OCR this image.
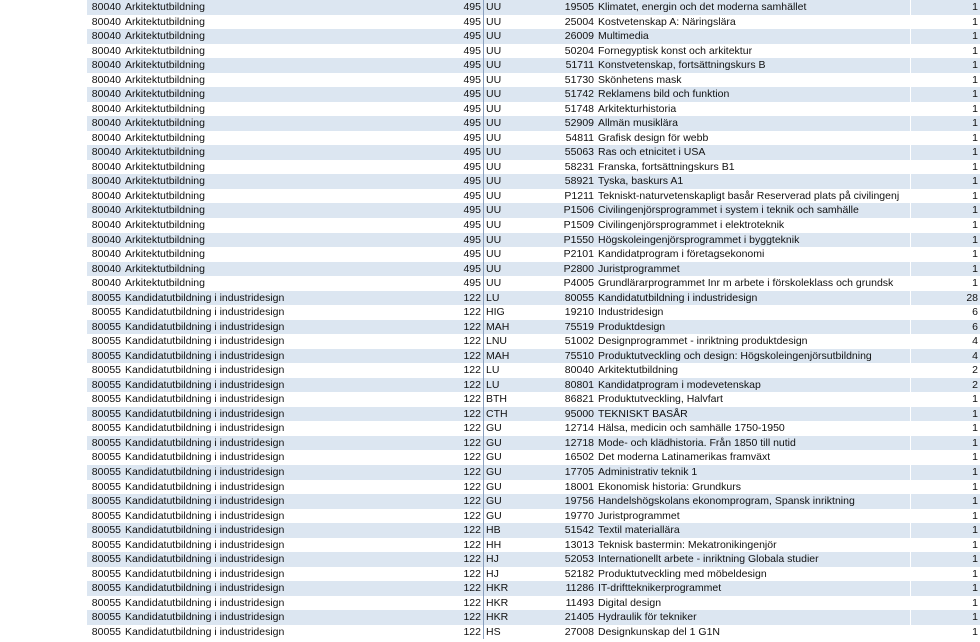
80040	Arkitektutbildning	495	UU	19505	Klimatet, energin och det moderna samhället	1
80040	Arkitektutbildning	495	UU	25004	Kostvetenskap A: Näringslära	1
80040	Arkitektutbildning	495	UU	26009	Multimedia	1
80040	Arkitektutbildning	495	UU	50204	Fornegyptisk konst och arkitektur	1
80040	Arkitektutbildning	495	UU	51711	Konstvetenskap, fortsättningskurs B	1
80040	Arkitektutbildning	495	UU	51730	Skönhetens mask	1
80040	Arkitektutbildning	495	UU	51742	Reklamens bild och funktion	1
80040	Arkitektutbildning	495	UU	51748	Arkitekturhistoria	1
80040	Arkitektutbildning	495	UU	52909	Allmän musiklära	1
80040	Arkitektutbildning	495	UU	54811	Grafisk design för webb	1
80040	Arkitektutbildning	495	UU	55063	Ras och etnicitet i USA	1
80040	Arkitektutbildning	495	UU	58231	Franska, fortsättningskurs B1	1
80040	Arkitektutbildning	495	UU	58921	Tyska, baskurs A1	1
80040	Arkitektutbildning	495	UU	P1211	Tekniskt-naturvetenskapligt basår Reserverad plats på civilingenj	1
80040	Arkitektutbildning	495	UU	P1506	Civilingenjörsprogrammet i system i teknik och samhälle	1
80040	Arkitektutbildning	495	UU	P1509	Civilingenjörsprogrammet i elektroteknik	1
80040	Arkitektutbildning	495	UU	P1550	Högskoleingenjörsprogrammet i byggteknik	1
80040	Arkitektutbildning	495	UU	P2101	Kandidatprogram i företagsekonomi	1
80040	Arkitektutbildning	495	UU	P2800	Juristprogrammet	1
80040	Arkitektutbildning	495	UU	P4005	Grundlärarprogrammet Inr m arbete i förskoleklass och grundsk	1
80055	Kandidatutbildning i industridesign	122	LU	80055	Kandidatutbildning i industridesign	28
80055	Kandidatutbildning i industridesign	122	HIG	19210	Industridesign	6
80055	Kandidatutbildning i industridesign	122	MAH	75519	Produktdesign	6
80055	Kandidatutbildning i industridesign	122	LNU	51002	Designprogrammet - inriktning produktdesign	4
80055	Kandidatutbildning i industridesign	122	MAH	75510	Produktutveckling och design: Högskoleingenjörsutbildning	4
80055	Kandidatutbildning i industridesign	122	LU	80040	Arkitektutbildning	2
80055	Kandidatutbildning i industridesign	122	LU	80801	Kandidatprogram i modevetenskap	2
80055	Kandidatutbildning i industridesign	122	BTH	86821	Produktutveckling, Halvfart	1
80055	Kandidatutbildning i industridesign	122	CTH	95000	TEKNISKT BASÅR	1
80055	Kandidatutbildning i industridesign	122	GU	12714	Hälsa, medicin och samhälle 1750-1950	1
80055	Kandidatutbildning i industridesign	122	GU	12718	Mode- och klädhistoria. Från 1850 till nutid	1
80055	Kandidatutbildning i industridesign	122	GU	16502	Det moderna Latinamerikas framväxt	1
80055	Kandidatutbildning i industridesign	122	GU	17705	Administrativ teknik 1	1
80055	Kandidatutbildning i industridesign	122	GU	18001	Ekonomisk historia: Grundkurs	1
80055	Kandidatutbildning i industridesign	122	GU	19756	Handelshögskolans ekonomprogram, Spansk inriktning	1
80055	Kandidatutbildning i industridesign	122	GU	19770	Juristprogrammet	1
80055	Kandidatutbildning i industridesign	122	HB	51542	Textil materiallära	1
80055	Kandidatutbildning i industridesign	122	HH	13013	Teknisk bastermin: Mekatronikingenjör	1
80055	Kandidatutbildning i industridesign	122	HJ	52053	Internationellt arbete - inriktning Globala studier	1
80055	Kandidatutbildning i industridesign	122	HJ	52182	Produktutveckling med möbeldesign	1
80055	Kandidatutbildning i industridesign	122	HKR	11286	IT-driftteknikerprogrammet	1
80055	Kandidatutbildning i industridesign	122	HKR	11493	Digital design	1
80055	Kandidatutbildning i industridesign	122	HKR	21405	Hydraulik för tekniker	1
80055	Kandidatutbildning i industridesign	122	HS	27008	Designkunskap del 1 G1N	1
